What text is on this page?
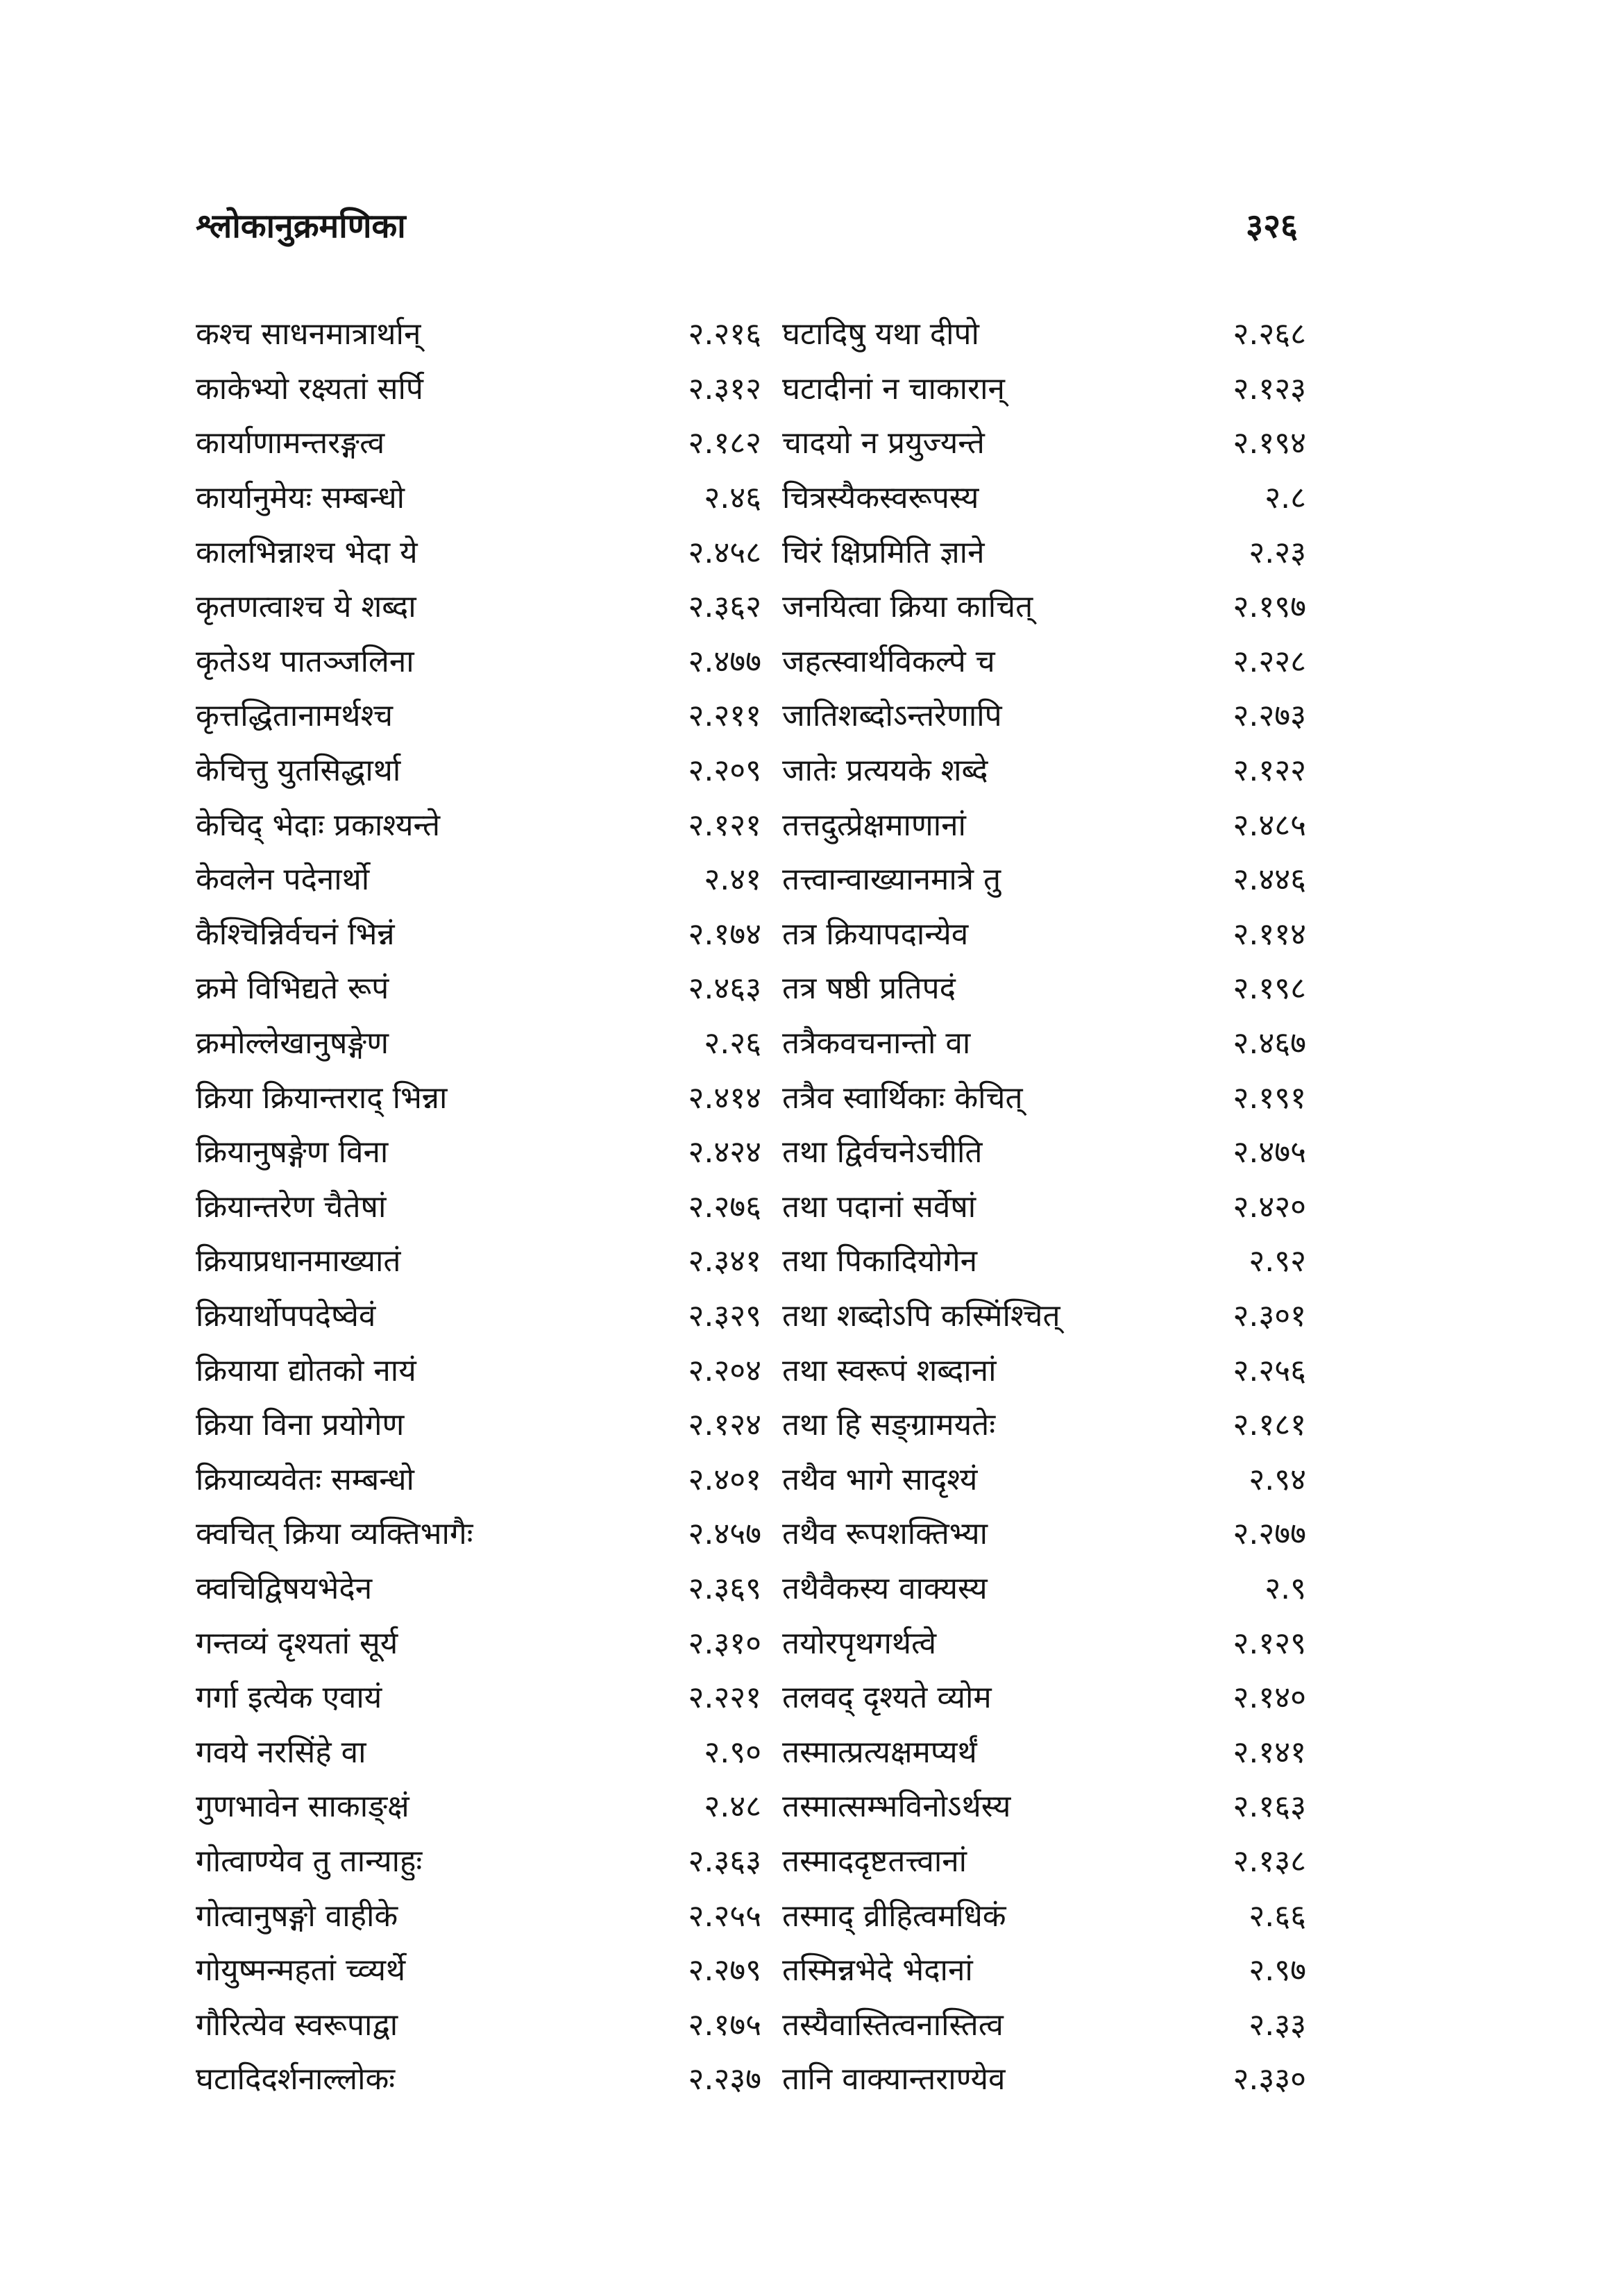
श्लोकानुक्रमणिका	३२६
कश्च साधनमात्रार्थान्	२.२१६ घटादिषु यथा दीपो	२.२६८
काकेभ्यो रक्ष्यतां सर्पि	२.३१२ घटादीनां न चाकारान्	२.१२३
कार्याणामन्तरङ्गत्व	२.१८२ चादयो न प्रयुज्यन्ते	२.१९४
कार्यानुमेयः सम्बन्धो	२.४६ चित्रस्यैकस्वरूपस्य	२.८
कालभिन्नाश्च भेदा ये	२.४५८ चिरं क्षिप्रमिति ज्ञाने	२.२३
कृतणत्वाश्च ये शब्दा	२.३६२ जनयित्वा क्रिया काचित्	२.१९७
कृतेऽथ पातञ्जलिना	२.४७७ जहत्स्वार्थविकल्पे च	२.२२८
कृत्तद्धितानामर्थश्च	२.२११ जातिशब्दोऽन्तरेणापि	२.२७३
केचित्तु युतसिद्धार्था	२.२०९ जातेः प्रत्ययके शब्दे	२.१२२
केचिद् भेदाः प्रकाश्यन्ते	२.१२१ तत्तदुत्प्रेक्षमाणानां	२.४८५
केवलेन पदेनार्थो	२.४१ तत्त्वान्वाख्यानमात्रे तु	२.४४६
कैश्चिन्निर्वचनं भिन्नं	२.१७४ तत्र क्रियापदान्येव	२.११४
क्रमे विभिद्यते रूपं	२.४६३ तत्र षष्ठी प्रतिपदं	२.१९८
क्रमोल्लेखानुषङ्गेण	२.२६ तत्रैकवचनान्तो वा	२.४६७
क्रिया क्रियान्तराद् भिन्ना	२.४१४ तत्रैव स्वार्थिकाः केचित्	२.१९१
क्रियानुषङ्गेण विना	२.४२४ तथा द्विर्वचनेऽचीति	२.४७५
क्रियान्तरेण चैतेषां	२.२७६ तथा पदानां सर्वेषां	२.४२०
क्रियाप्रधानमाख्यातं	२.३४१ तथा पिकादियोगेन	२.९२
क्रियार्थोपपदेष्वेवं	२.३२९ तथा शब्दोऽपि कस्मिंश्चित्	२.३०१
क्रियाया द्योतको नायं	२.२०४ तथा स्वरूपं शब्दानां	२.२५६
क्रिया विना प्रयोगेण	२.१२४ तथा हि सङ्ग्रामयतेः	२.१८१
क्रियाव्यवेतः सम्बन्धो	२.४०१ तथैव भागे सादृश्यं	२.९४
क्वचित् क्रिया व्यक्तिभागैः	२.४५७ तथैव रूपशक्तिभ्या	२.२७७
क्वचिद्विषयभेदेन	२.३६९ तथैवैकस्य वाक्यस्य	२.९
गन्तव्यं दृश्यतां सूर्य	२.३१० तयोरपृथगर्थत्वे	२.१२९
गर्गा इत्येक एवायं	२.२२१ तलवद् दृश्यते व्योम	२.१४०
गवये नरसिंहे वा	२.९० तस्मात्प्रत्यक्षमप्यर्थं	२.१४१
गुणभावेन साकाङ्क्षं	२.४८ तस्मात्सम्भविनोऽर्थस्य	२.१६३
गोत्वाण्येव तु तान्याहुः	२.३६३ तस्माददृष्टतत्त्वानां	२.१३८
गोत्वानुषङ्गो वाहीके	२.२५५ तस्माद् व्रीहित्वमधिकं	२.६६
गोयुष्मन्महतां च्व्यर्थे	२.२७९ तस्मिन्नभेदे भेदानां	२.९७
गौरित्येव स्वरूपाद्वा	२.१७५ तस्यैवास्तित्वनास्तित्व	२.३३
घटादिदर्शनाल्लोकः	२.२३७ तानि वाक्यान्तराण्येव	२.३३०
